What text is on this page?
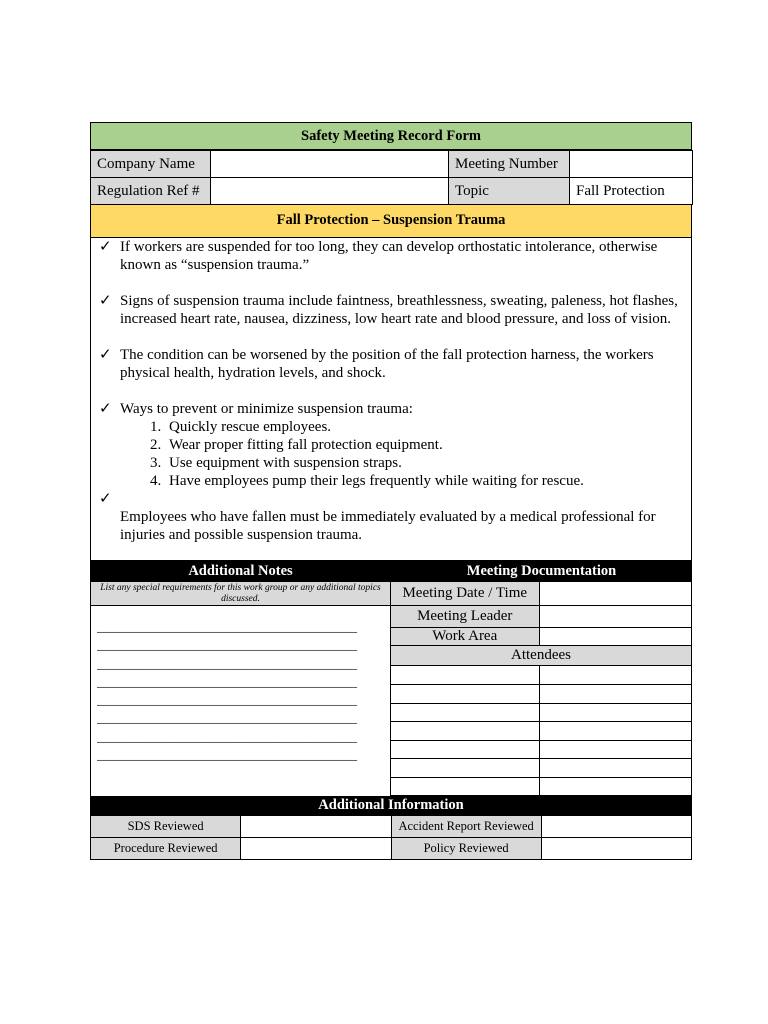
Safety Meeting Record Form
Company Name		Meeting Number	
Regulation Ref #		Topic	Fall Protection
Fall Protection – Suspension Trauma
✓ If workers are suspended for too long, they can develop orthostatic intolerance, otherwise known as “suspension trauma.”
✓ Signs of suspension trauma include faintness, breathlessness, sweating, paleness, hot flashes, increased heart rate, nausea, dizziness, low heart rate and blood pressure, and loss of vision.
✓ The condition can be worsened by the position of the fall protection harness, the workers physical health, hydration levels, and shock.
✓ Ways to prevent or minimize suspension trauma:
1. Quickly rescue employees.
2. Wear proper fitting fall protection equipment.
3. Use equipment with suspension straps.
4. Have employees pump their legs frequently while waiting for rescue.
✓
Employees who have fallen must be immediately evaluated by a medical professional for injuries and possible suspension trauma.
Additional Notes	Meeting Documentation
List any special requirements for this work group or any additional topics discussed.
________________________________________
________________________________________
________________________________________
________________________________________
________________________________________
________________________________________
________________________________________
________________________________________
Meeting Date / Time	
Meeting Leader	
Work Area	
Attendees	

Additional Information
SDS Reviewed		Accident Report Reviewed	
Procedure Reviewed		Policy Reviewed	
